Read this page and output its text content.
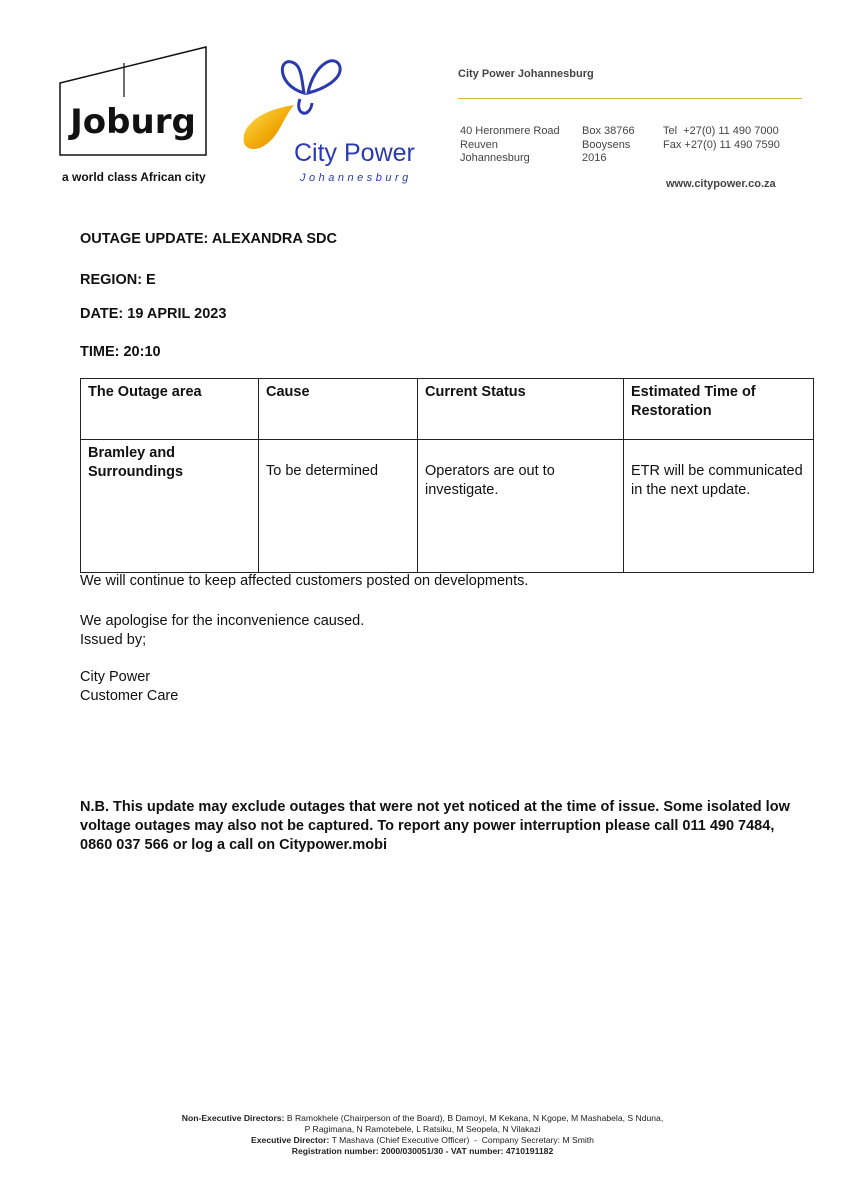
Joburg
a world class African city
City Power
Johannesburg
City Power Johannesburg
40 Heronmere Road
Reuven
Johannesburg
Box 38766
Booysens
2016
Tel  +27(0) 11 490 7000
Fax +27(0) 11 490 7590
www.citypower.co.za
OUTAGE UPDATE: ALEXANDRA SDC
REGION: E
DATE: 19 APRIL 2023
TIME: 20:10
The Outage area	Cause	Current Status	Estimated Time of Restoration
Bramley and Surroundings	To be determined	Operators are out to investigate.	ETR will be communicated in the next update.
We will continue to keep affected customers posted on developments.
We apologise for the inconvenience caused.
Issued by;
City Power
Customer Care
N.B. This update may exclude outages that were not yet noticed at the time of issue. Some isolated low voltage outages may also not be captured. To report any power interruption please call 011 490 7484, 0860 037 566 or log a call on Citypower.mobi
Non-Executive Directors: B Ramokhele (Chairperson of the Board), B Damoyi, M Kekana, N Kgope, M Mashabela, S Nduna,
P Ragimana, N Ramotebele, L Ratsiku, M Seopela, N Vilakazi
Executive Director: T Mashava (Chief Executive Officer)  -  Company Secretary: M Smith
Registration number: 2000/030051/30 - VAT number: 4710191182
